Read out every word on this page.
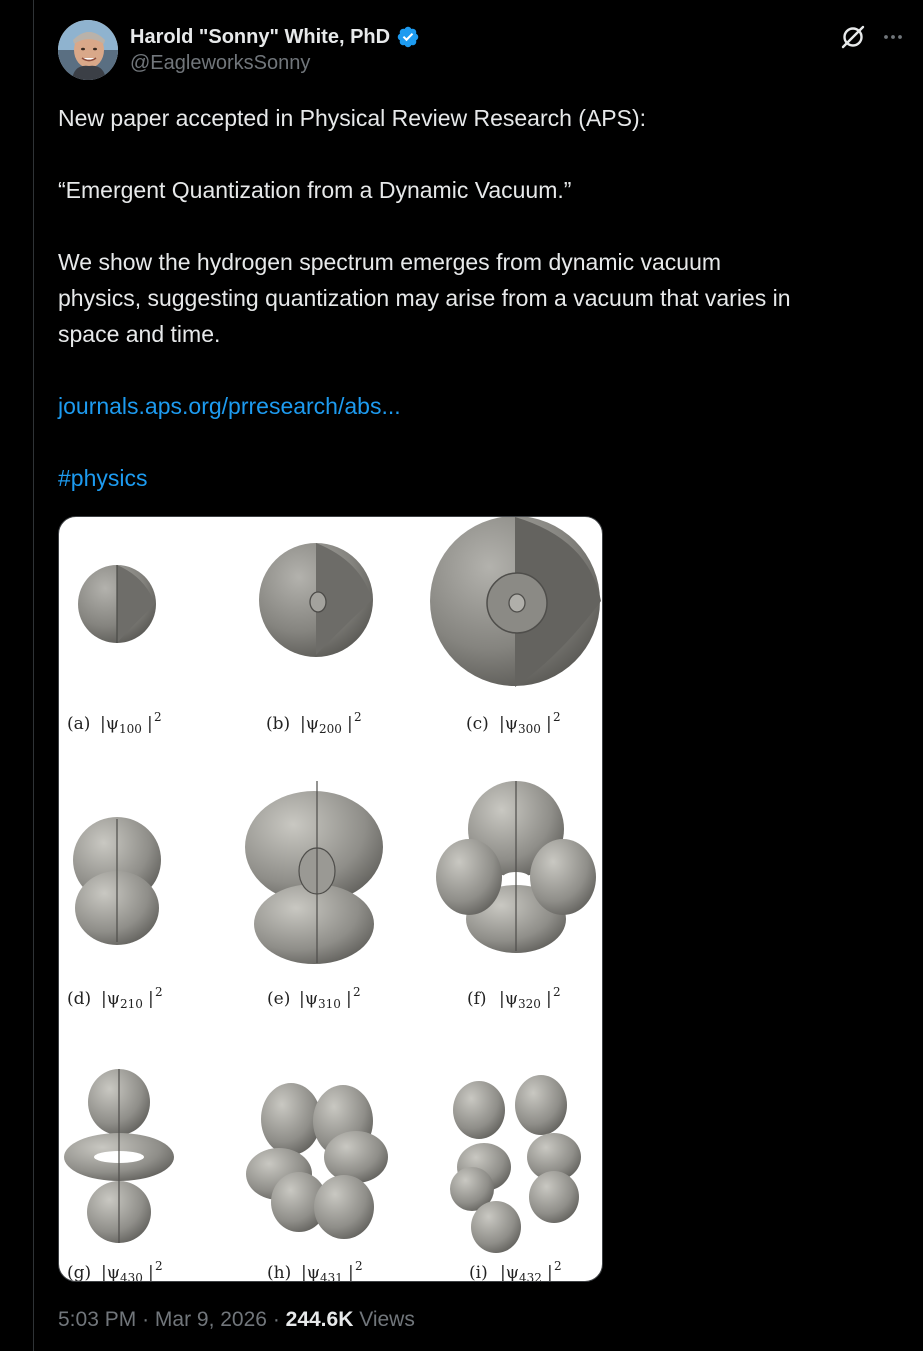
Harold "Sonny" White, PhD
@EagleworksSonny

New paper accepted in Physical Review Research (APS):

“Emergent Quantization from a Dynamic Vacuum.”

We show the hydrogen spectrum emerges from dynamic vacuum

physics, suggesting quantization may arise from a vacuum that varies in

space and time.

journals.aps.org/prresearch/abs...

#physics

(a) |ψ 100 | 2	(b) |ψ 200 | 2	(c) |ψ 300 | 2
(d) |ψ 210 | 2	(e) |ψ 310 | 2	(f) |ψ 320 | 2
(g) |ψ 430 | 2	(h) |ψ 431 | 2	(i) |ψ 432 | 2
5:03 PM · Mar 9, 2026 · 244.6K Views
